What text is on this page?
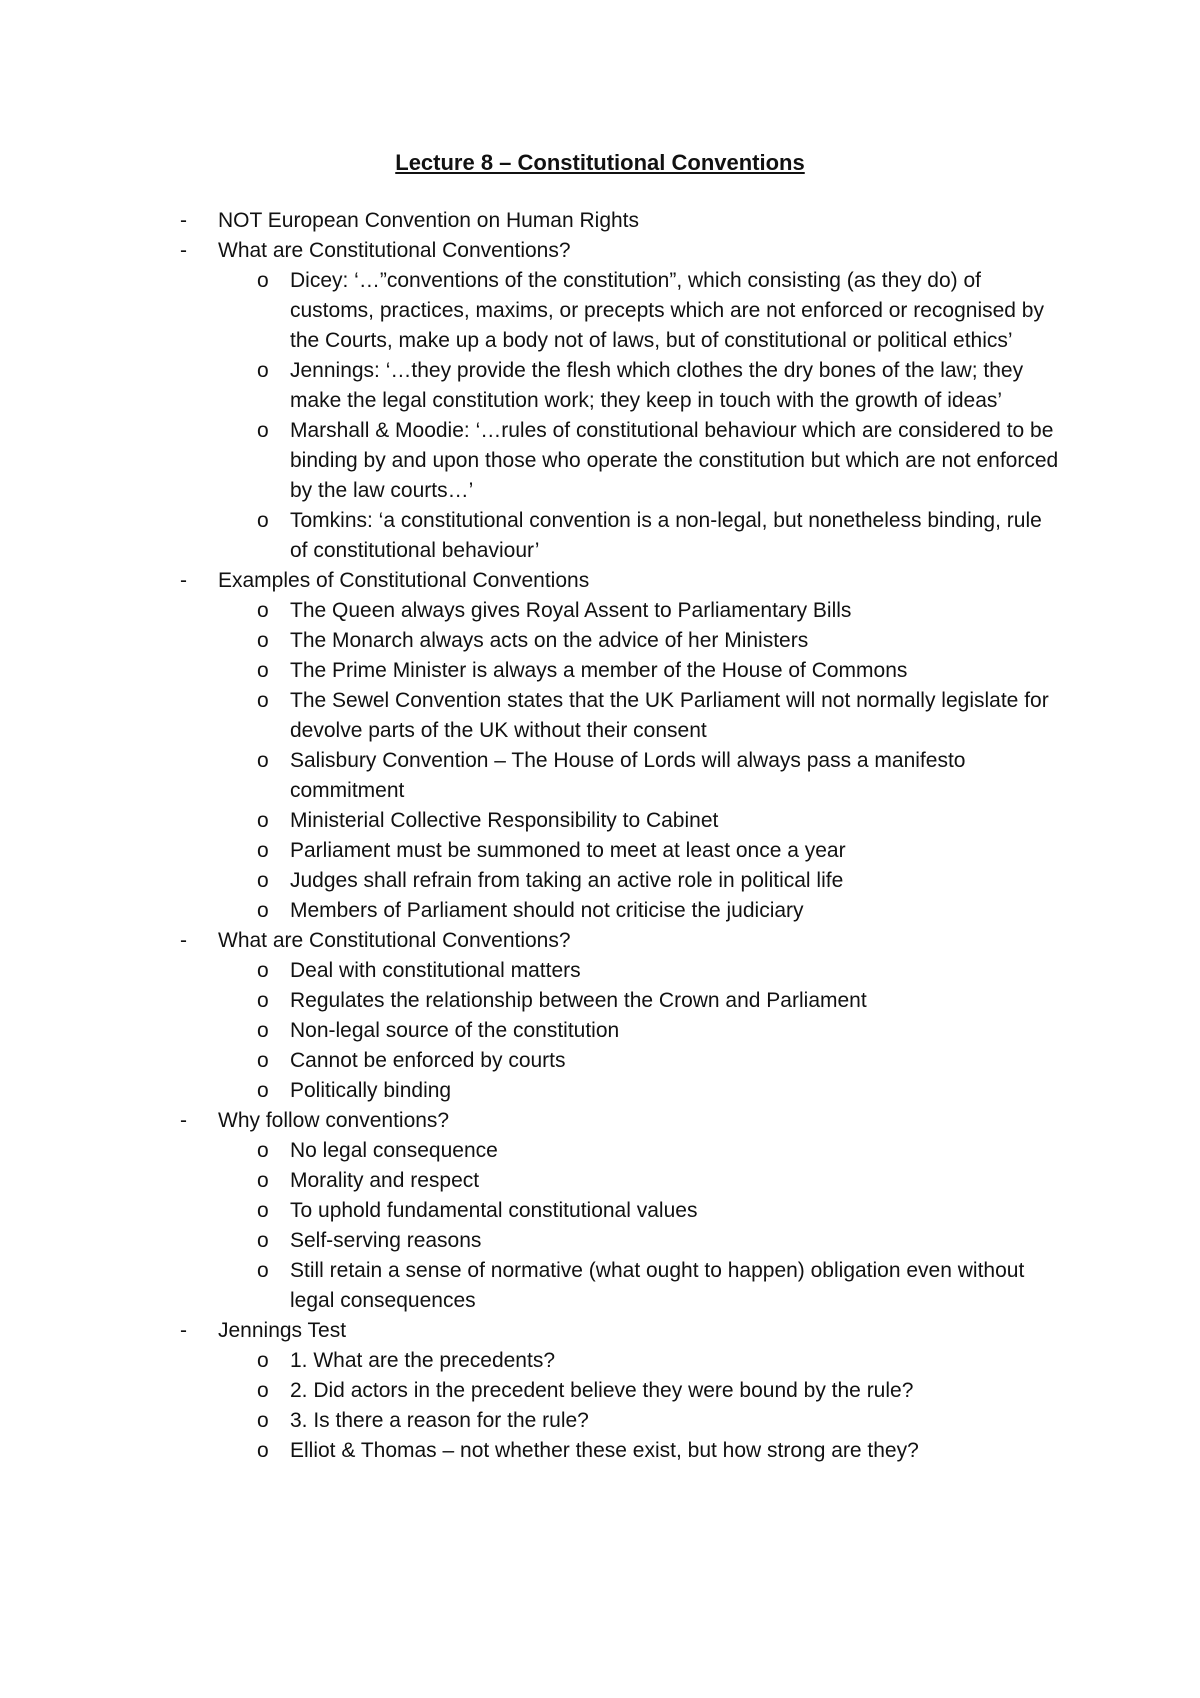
Lecture 8 – Constitutional Conventions
-	NOT European Convention on Human Rights
-	What are Constitutional Conventions?
o	Dicey: ‘…”conventions of the constitution”, which consisting (as they do) of customs, practices, maxims, or precepts which are not enforced or recognised by the Courts, make up a body not of laws, but of constitutional or political ethics’
o	Jennings: ‘…they provide the flesh which clothes the dry bones of the law; they make the legal constitution work; they keep in touch with the growth of ideas’
o	Marshall & Moodie: ‘…rules of constitutional behaviour which are considered to be binding by and upon those who operate the constitution but which are not enforced by the law courts…’
o	Tomkins: ‘a constitutional convention is a non-legal, but nonetheless binding, rule of constitutional behaviour’
-	Examples of Constitutional Conventions
o	The Queen always gives Royal Assent to Parliamentary Bills
o	The Monarch always acts on the advice of her Ministers
o	The Prime Minister is always a member of the House of Commons
o	The Sewel Convention states that the UK Parliament will not normally legislate for devolve parts of the UK without their consent
o	Salisbury Convention – The House of Lords will always pass a manifesto commitment
o	Ministerial Collective Responsibility to Cabinet
o	Parliament must be summoned to meet at least once a year
o	Judges shall refrain from taking an active role in political life
o	Members of Parliament should not criticise the judiciary
-	What are Constitutional Conventions?
o	Deal with constitutional matters
o	Regulates the relationship between the Crown and Parliament
o	Non-legal source of the constitution
o	Cannot be enforced by courts
o	Politically binding
-	Why follow conventions?
o	No legal consequence
o	Morality and respect
o	To uphold fundamental constitutional values
o	Self-serving reasons
o	Still retain a sense of normative (what ought to happen) obligation even without legal consequences
-	Jennings Test
o	1. What are the precedents?
o	2. Did actors in the precedent believe they were bound by the rule?
o	3. Is there a reason for the rule?
o	Elliot & Thomas – not whether these exist, but how strong are they?
